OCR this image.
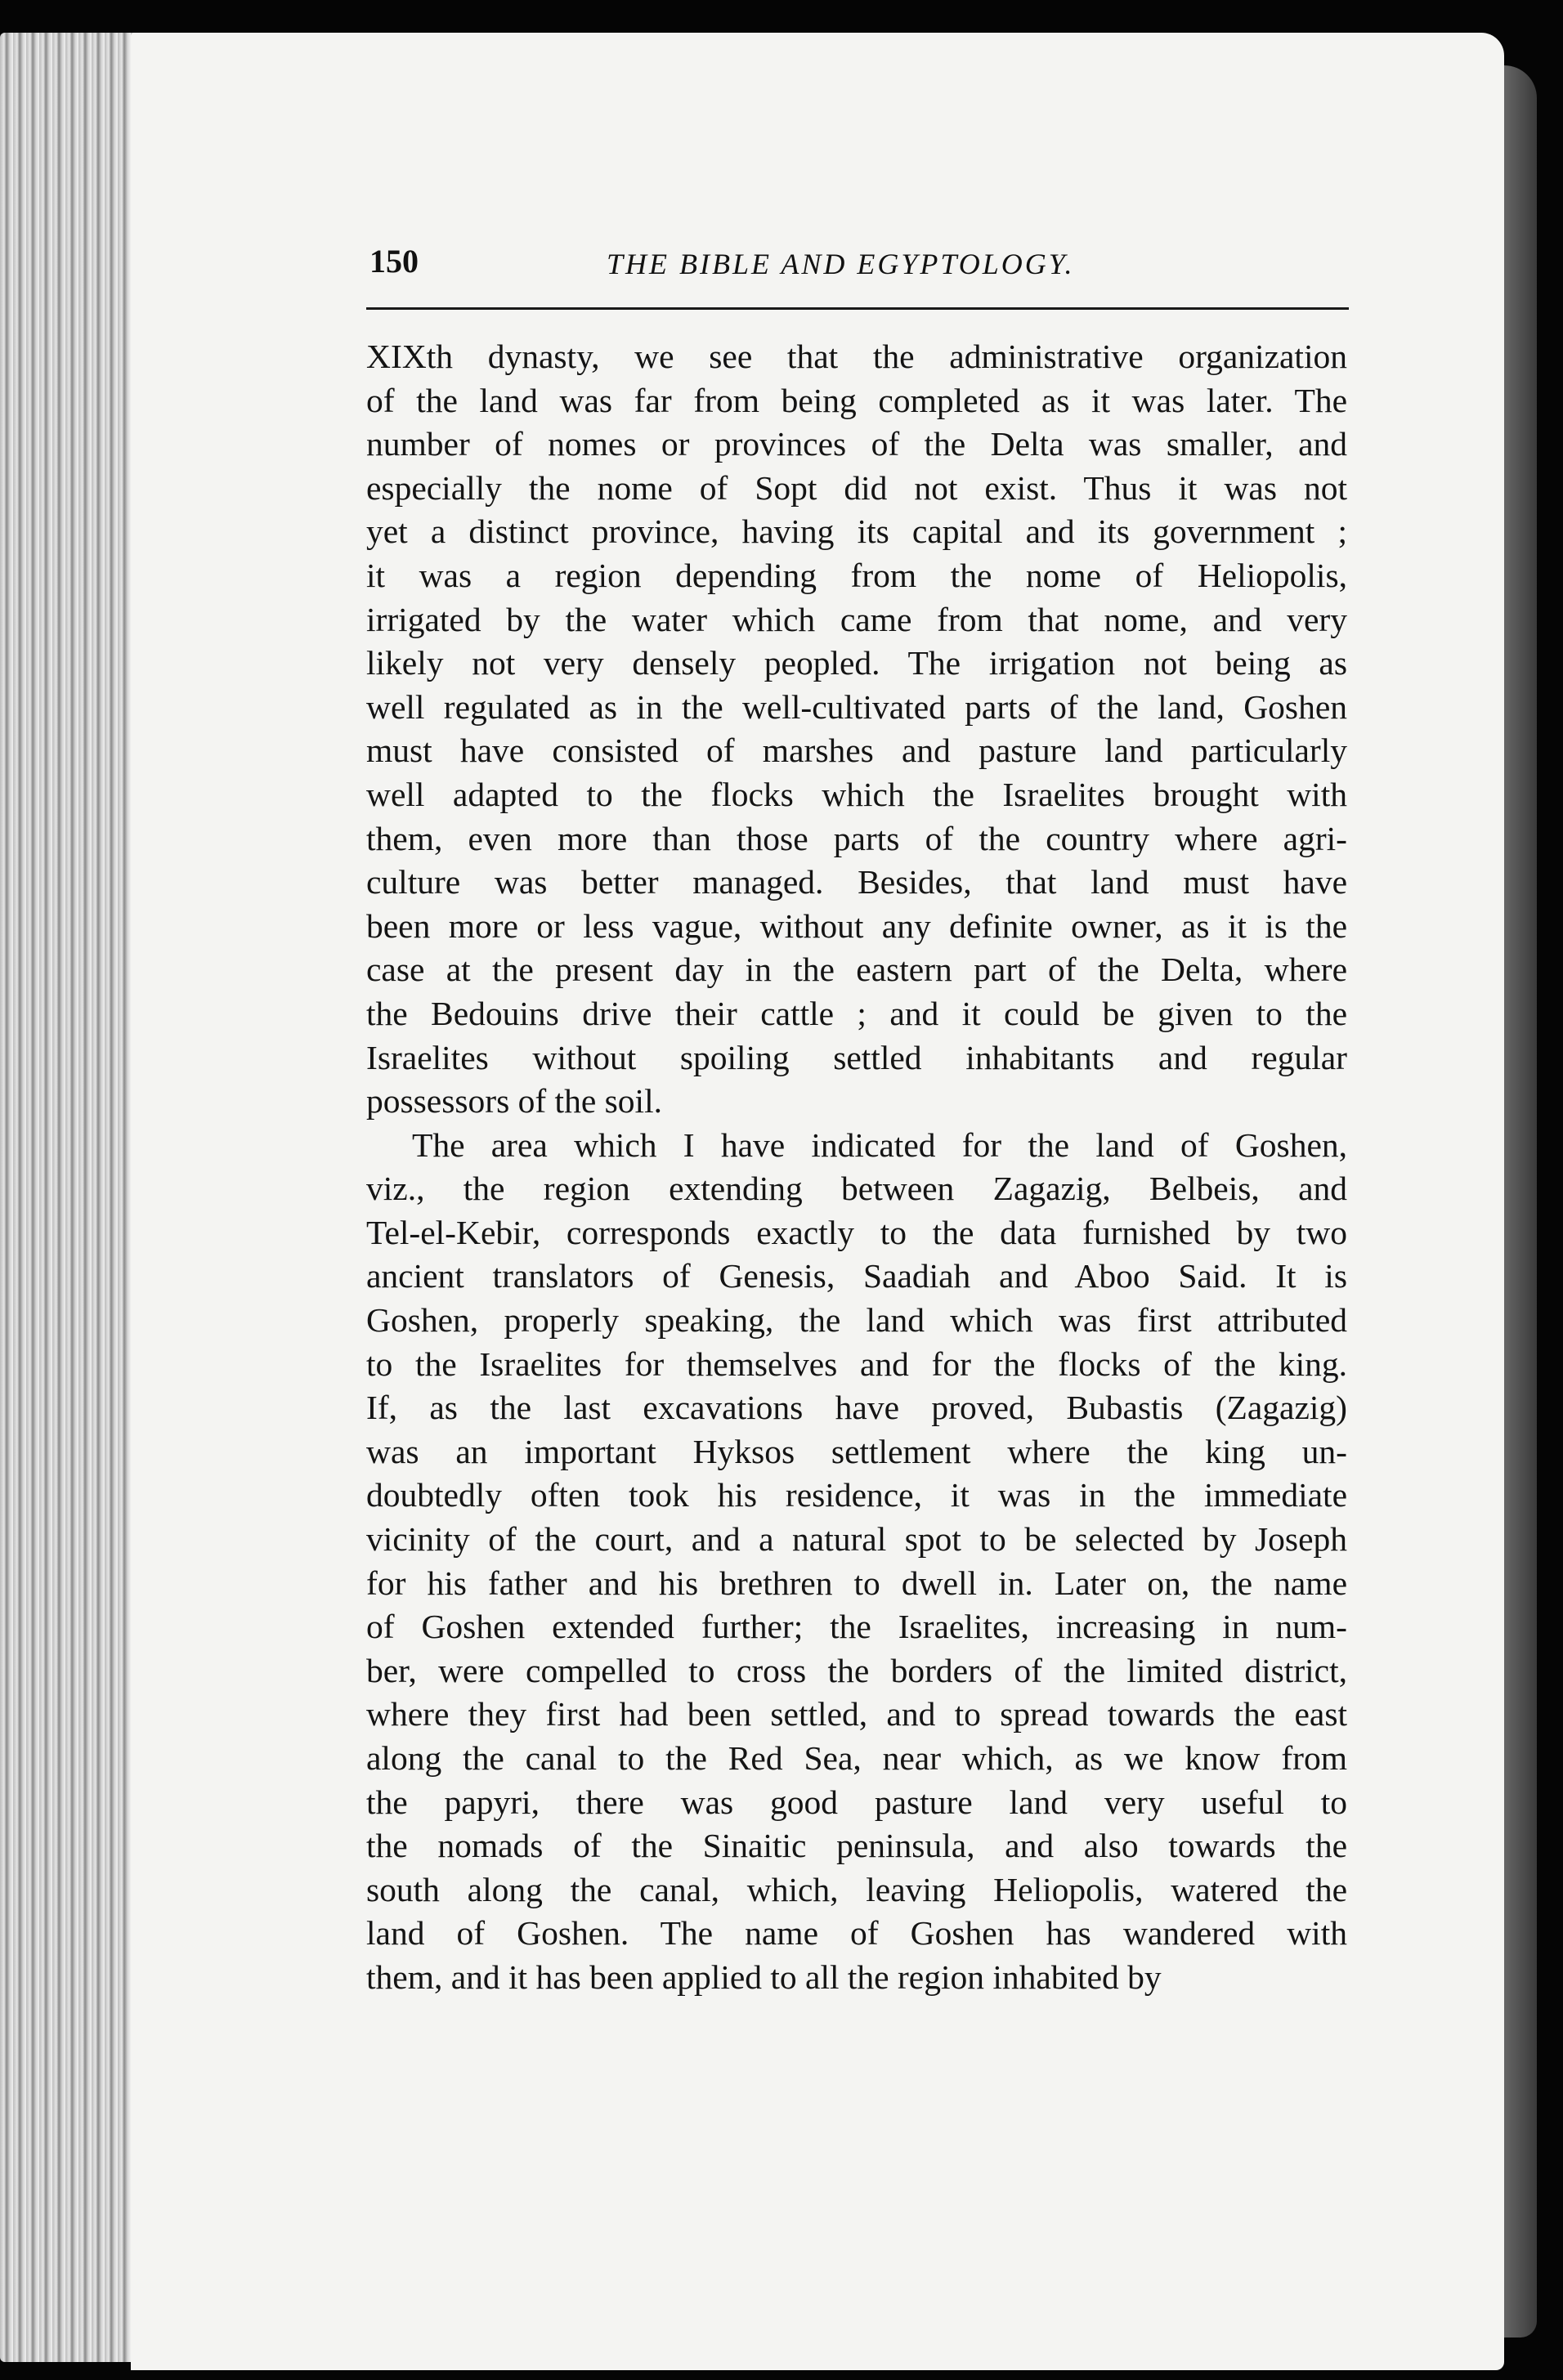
150	THE BIBLE AND EGYPTOLOGY.
XIXth dynasty, we see that the administrative organization
of the land was far from being completed as it was later. The
number of nomes or provinces of the Delta was smaller, and
especially the nome of Sopt did not exist. Thus it was not
yet a distinct province, having its capital and its government ;
it was a region depending from the nome of Heliopolis,
irrigated by the water which came from that nome, and very
likely not very densely peopled. The irrigation not being as
well regulated as in the well-cultivated parts of the land, Goshen
must have consisted of marshes and pasture land particularly
well adapted to the flocks which the Israelites brought with
them, even more than those parts of the country where agri-
culture was better managed. Besides, that land must have
been more or less vague, without any definite owner, as it is the
case at the present day in the eastern part of the Delta, where
the Bedouins drive their cattle ; and it could be given to the
Israelites without spoiling settled inhabitants and regular
possessors of the soil.
The area which I have indicated for the land of Goshen,
viz., the region extending between Zagazig, Belbeis, and
Tel-el-Kebir, corresponds exactly to the data furnished by two
ancient translators of Genesis, Saadiah and Aboo Said. It is
Goshen, properly speaking, the land which was first attributed
to the Israelites for themselves and for the flocks of the king.
If, as the last excavations have proved, Bubastis (Zagazig)
was an important Hyksos settlement where the king un-
doubtedly often took his residence, it was in the immediate
vicinity of the court, and a natural spot to be selected by Joseph
for his father and his brethren to dwell in. Later on, the name
of Goshen extended further; the Israelites, increasing in num-
ber, were compelled to cross the borders of the limited district,
where they first had been settled, and to spread towards the east
along the canal to the Red Sea, near which, as we know from
the papyri, there was good pasture land very useful to
the nomads of the Sinaitic peninsula, and also towards the
south along the canal, which, leaving Heliopolis, watered the
land of Goshen. The name of Goshen has wandered with
them, and it has been applied to all the region inhabited by
